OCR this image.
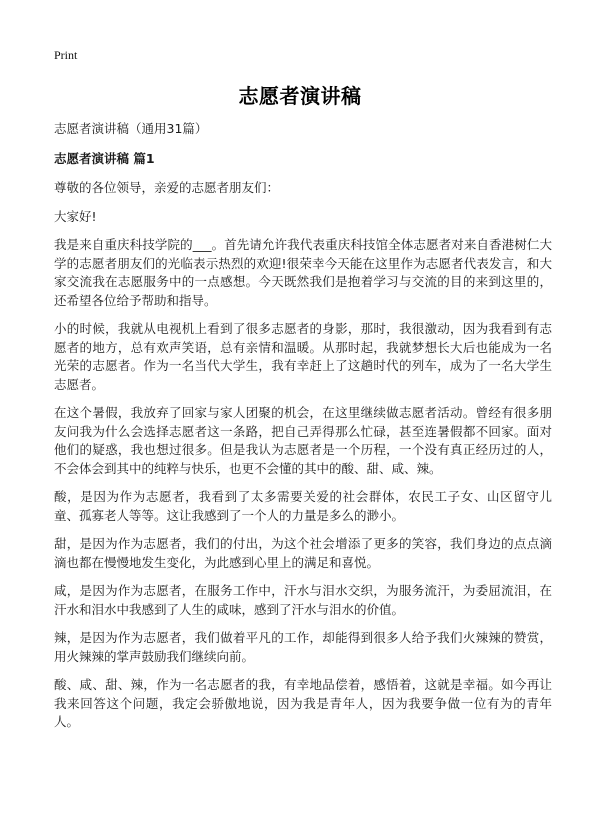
Print
志愿者演讲稿

志愿者演讲稿（通用31篇）

志愿者演讲稿 篇1

尊敬的各位领导，亲爱的志愿者朋友们：

大家好!

我是来自重庆科技学院的___。首先请允许我代表重庆科技馆全体志愿者对来自香港树仁大学的志愿者朋友们的光临表示热烈的欢迎!很荣幸今天能在这里作为志愿者代表发言，和大家交流我在志愿服务中的一点感想。今天既然我们是抱着学习与交流的目的来到这里的，还希望各位给予帮助和指导。

小的时候，我就从电视机上看到了很多志愿者的身影，那时，我很激动，因为我看到有志愿者的地方，总有欢声笑语，总有亲情和温暖。从那时起，我就梦想长大后也能成为一名光荣的志愿者。作为一名当代大学生，我有幸赶上了这趟时代的列车，成为了一名大学生志愿者。

在这个暑假，我放弃了回家与家人团聚的机会，在这里继续做志愿者活动。曾经有很多朋友问我为什么会选择志愿者这一条路，把自己弄得那么忙碌，甚至连暑假都不回家。面对他们的疑惑，我也想过很多。但是我认为志愿者是一个历程，一个没有真正经历过的人，不会体会到其中的纯粹与快乐，也更不会懂的其中的酸、甜、咸、辣。

酸，是因为作为志愿者，我看到了太多需要关爱的社会群体，农民工子女、山区留守儿童、孤寡老人等等。这让我感到了一个人的力量是多么的渺小。

甜，是因为作为志愿者，我们的付出，为这个社会增添了更多的笑容，我们身边的点点滴滴也都在慢慢地发生变化，为此感到心里上的满足和喜悦。

咸，是因为作为志愿者，在服务工作中，汗水与泪水交织，为服务流汗，为委屈流泪，在汗水和泪水中我感到了人生的咸味，感到了汗水与泪水的价值。

辣，是因为作为志愿者，我们做着平凡的工作，却能得到很多人给予我们火辣辣的赞赏，用火辣辣的掌声鼓励我们继续向前。

酸、咸、甜、辣，作为一名志愿者的我，有幸地品偿着，感悟着，这就是幸福。如今再让我来回答这个问题，我定会骄傲地说，因为我是青年人，因为我要争做一位有为的青年人。
